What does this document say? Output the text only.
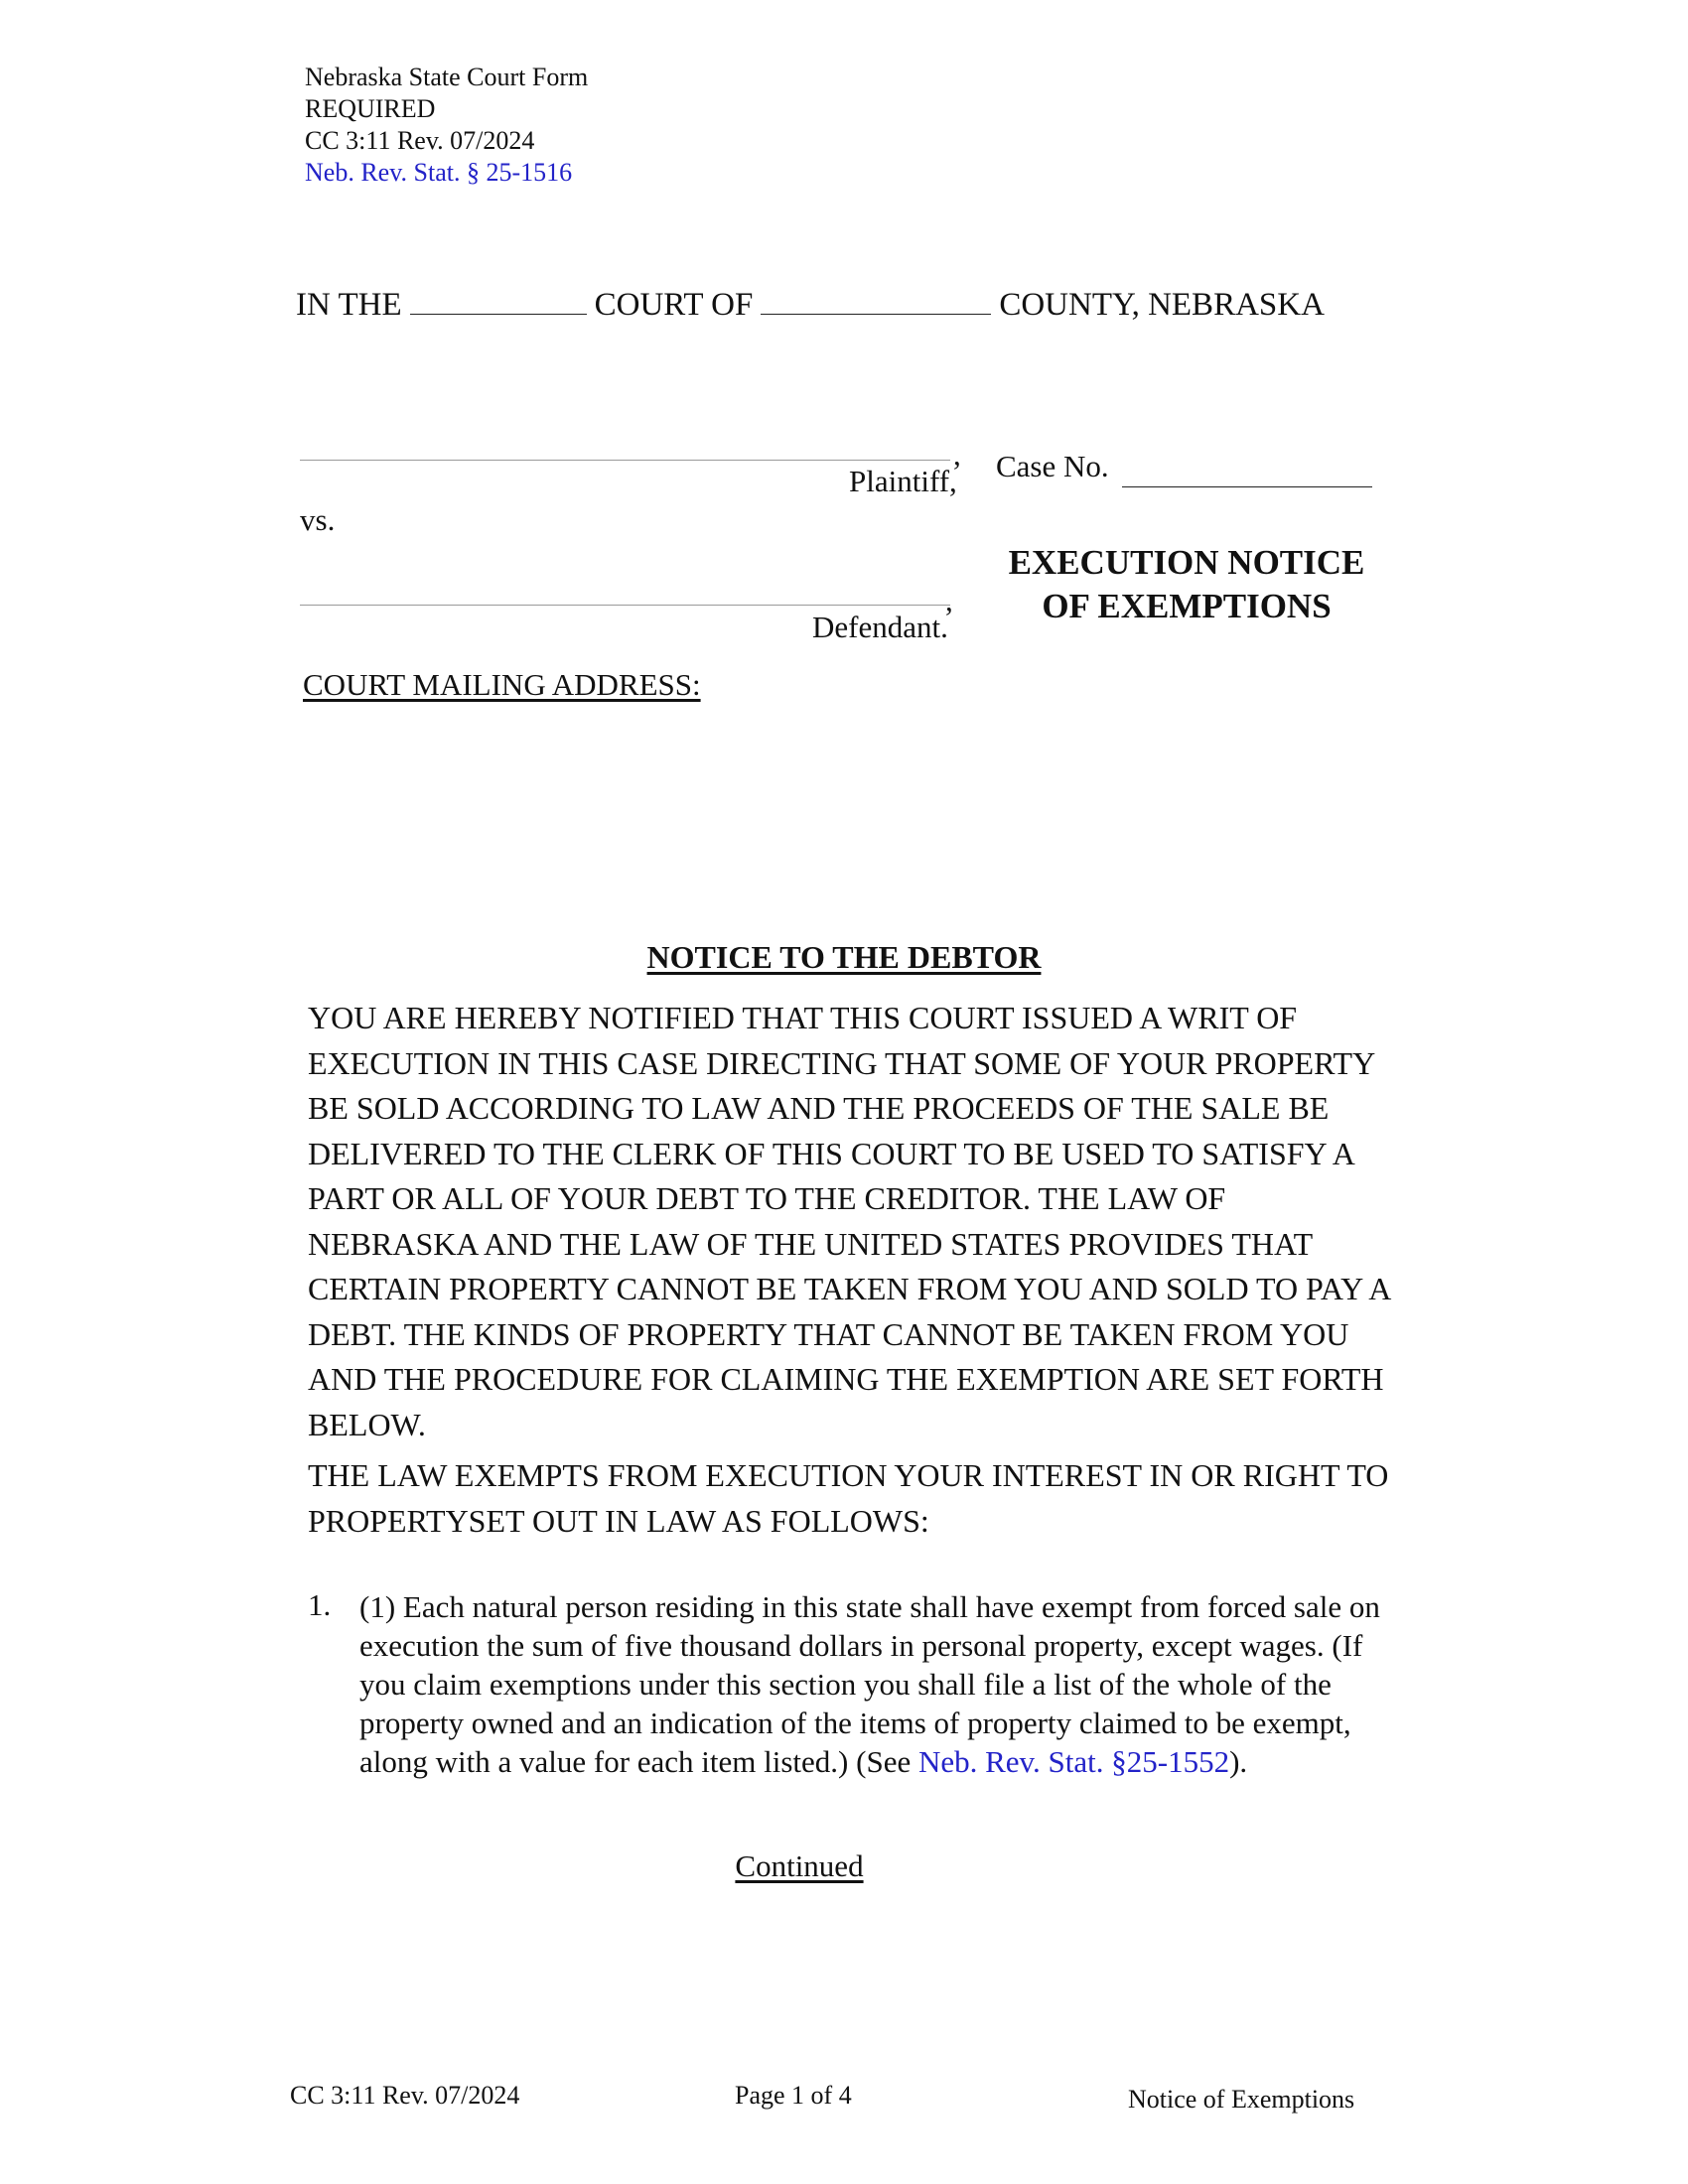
Nebraska State Court Form
REQUIRED
CC 3:11 Rev. 07/2024
Neb. Rev. Stat. § 25-1516
IN THE	COURT OF	COUNTY, NEBRASKA
,
Plaintiff, Case No.
vs.
,
Defendant.
EXECUTION NOTICE
OF EXEMPTIONS
COURT MAILING ADDRESS:
NOTICE TO THE DEBTOR

YOU ARE HEREBY NOTIFIED THAT THIS COURT ISSUED A WRIT OF EXECUTION IN THIS CASE DIRECTING THAT SOME OF YOUR PROPERTY BE SOLD ACCORDING TO LAW AND THE PROCEEDS OF THE SALE BE DELIVERED TO THE CLERK OF THIS COURT TO BE USED TO SATISFY A PART OR ALL OF YOUR DEBT TO THE CREDITOR. THE LAW OF NEBRASKA AND THE LAW OF THE UNITED STATES PROVIDES THAT CERTAIN PROPERTY CANNOT BE TAKEN FROM YOU AND SOLD TO PAY A DEBT. THE KINDS OF PROPERTY THAT CANNOT BE TAKEN FROM YOU AND THE PROCEDURE FOR CLAIMING THE EXEMPTION ARE SET FORTH BELOW.

THE LAW EXEMPTS FROM EXECUTION YOUR INTEREST IN OR RIGHT TO PROPERTYSET OUT IN LAW AS FOLLOWS:

1. (1) Each natural person residing in this state shall have exempt from forced sale on execution the sum of five thousand dollars in personal property, except wages. (If you claim exemptions under this section you shall file a list of the whole of the property owned and an indication of the items of property claimed to be exempt, along with a value for each item listed.) (See Neb. Rev. Stat. §25-1552).
Continued
CC 3:11 Rev. 07/2024	Page 1 of 4	Notice of Exemptions
